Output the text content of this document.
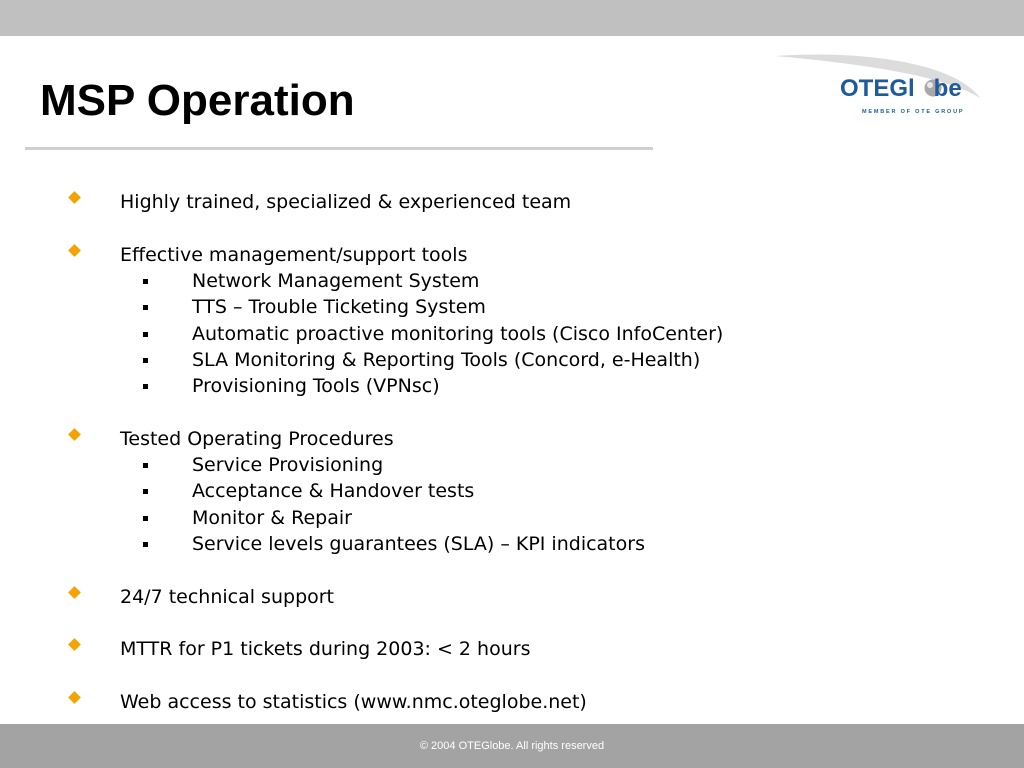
MSP Operation	OTEGl be
MEMBER OF OTE GROUP
Highly trained, specialized & experienced team
Effective management/support tools
Network Management System
TTS – Trouble Ticketing System
Automatic proactive monitoring tools (Cisco InfoCenter)
SLA Monitoring & Reporting Tools (Concord, e-Health)
Provisioning Tools (VPNsc)
Tested Operating Procedures
Service Provisioning
Acceptance & Handover tests
Monitor & Repair
Service levels guarantees (SLA) – KPI indicators
24/7 technical support
MTTR for P1 tickets during 2003: < 2 hours
Web access to statistics (www.nmc.oteglobe.net)
© 2004 OTEGlobe. All rights reserved
